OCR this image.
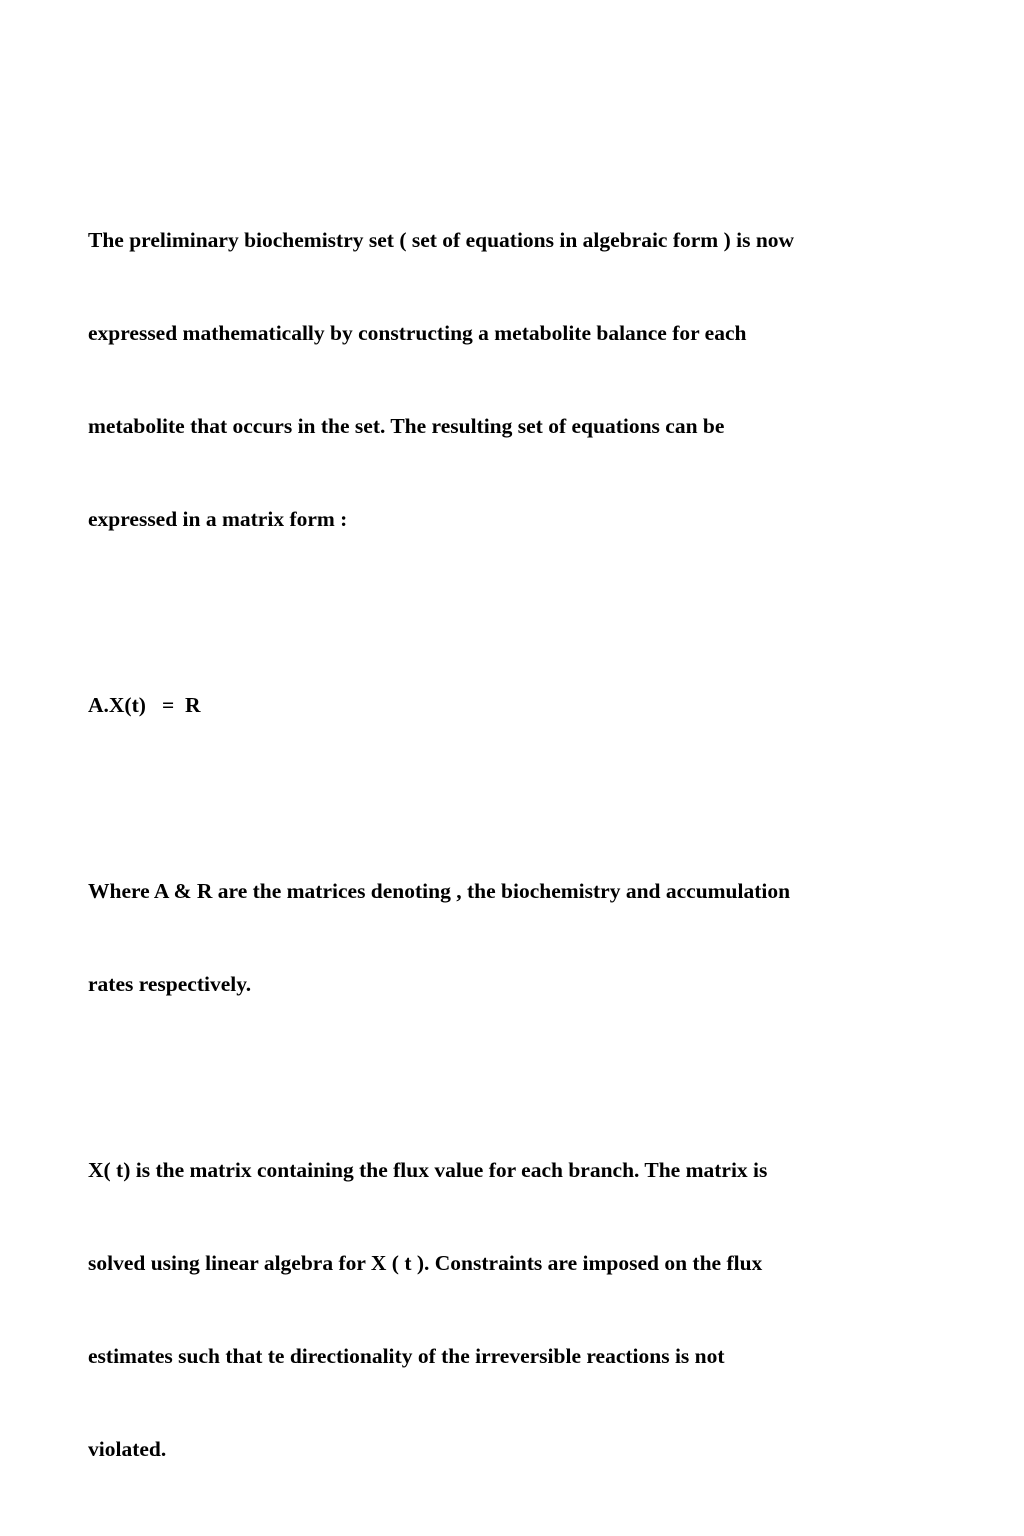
The preliminary biochemistry set ( set of equations in algebraic form ) is now

expressed mathematically by constructing a metabolite balance for each

metabolite that occurs in the set. The resulting set of equations can be

expressed in a matrix form :

A.X(t)   =  R

Where A & R are the matrices denoting , the biochemistry and accumulation

rates respectively.

X( t) is the matrix containing the flux value for each branch. The matrix is

solved using linear algebra for X ( t ). Constraints are imposed on the flux

estimates such that te directionality of the irreversible reactions is not

violated.
